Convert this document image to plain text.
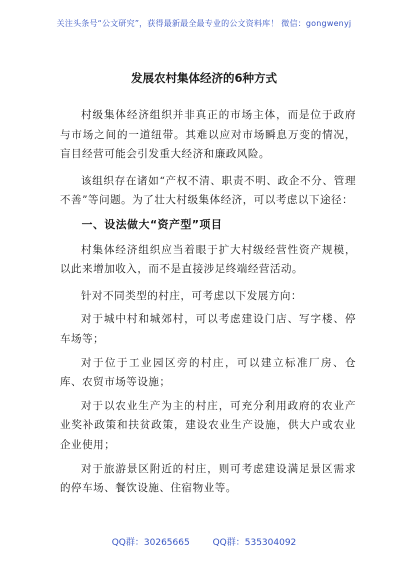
关注头条号“公文研究”，获得最新最全最专业的公文资料库！ 微信：gongwenyj
发展农村集体经济的6种方式

村级集体经济组织并非真正的市场主体，而是位于政府与市场之间的一道纽带。其难以应对市场瞬息万变的情况，盲目经营可能会引发重大经济和廉政风险。

该组织存在诸如“产权不清、职责不明、政企不分、管理不善”等问题。为了壮大村级集体经济，可以考虑以下途径：

一、设法做大“资产型”项目

村集体经济组织应当着眼于扩大村级经营性资产规模，以此来增加收入，而不是直接涉足终端经营活动。

针对不同类型的村庄，可考虑以下发展方向：

对于城中村和城郊村，可以考虑建设门店、写字楼、停车场等；

对于位于工业园区旁的村庄，可以建立标准厂房、仓库、农贸市场等设施；

对于以农业生产为主的村庄，可充分利用政府的农业产业奖补政策和扶贫政策，建设农业生产设施，供大户或农业企业使用；

对于旅游景区附近的村庄，则可考虑建设满足景区需求的停车场、餐饮设施、住宿物业等。

QQ群：30265665	QQ群：535304092
